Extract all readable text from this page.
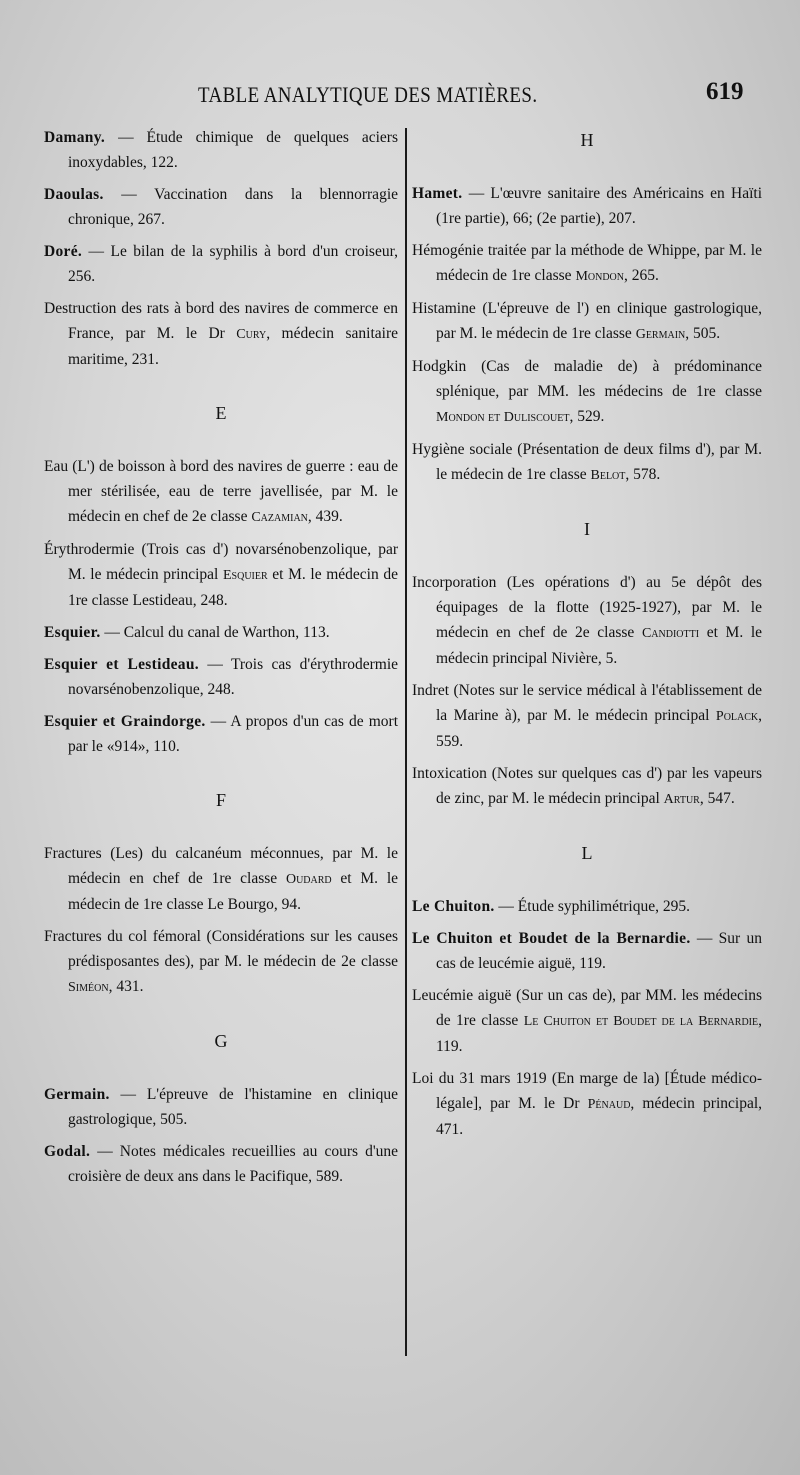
TABLE ANALYTIQUE DES MATIÈRES.	619

Damany. — Étude chimique de quelques aciers inoxydables, 122.

Daoulas. — Vaccination dans la blennorragie chronique, 267.

Doré. — Le bilan de la syphilis à bord d'un croiseur, 256.

Destruction des rats à bord des navires de commerce en France, par M. le Dr Cury, médecin sanitaire maritime, 231.

E

Eau (L') de boisson à bord des navires de guerre : eau de mer stérilisée, eau de terre javellisée, par M. le médecin en chef de 2e classe Cazamian, 439.

Érythrodermie (Trois cas d') novarsénobenzolique, par M. le médecin principal Esquier et M. le médecin de 1re classe Lestideau, 248.

Esquier. — Calcul du canal de Warthon, 113.

Esquier et Lestideau. — Trois cas d'érythrodermie novarsénobenzolique, 248.

Esquier et Graindorge. — A propos d'un cas de mort par le «914», 110.

F

Fractures (Les) du calcanéum méconnues, par M. le médecin en chef de 1re classe Oudard et M. le médecin de 1re classe Le Bourgo, 94.

Fractures du col fémoral (Considérations sur les causes prédisposantes des), par M. le médecin de 2e classe Siméon, 431.

G

Germain. — L'épreuve de l'histamine en clinique gastrologique, 505.

Godal. — Notes médicales recueillies au cours d'une croisière de deux ans dans le Pacifique, 589.

H

Hamet. — L'œuvre sanitaire des Américains en Haïti (1re partie), 66; (2e partie), 207.

Hémogénie traitée par la méthode de Whippe, par M. le médecin de 1re classe Mondon, 265.

Histamine (L'épreuve de l') en clinique gastrologique, par M. le médecin de 1re classe Germain, 505.

Hodgkin (Cas de maladie de) à prédominance splénique, par MM. les médecins de 1re classe Mondon et Duliscouet, 529.

Hygiène sociale (Présentation de deux films d'), par M. le médecin de 1re classe Belot, 578.

I

Incorporation (Les opérations d') au 5e dépôt des équipages de la flotte (1925-1927), par M. le médecin en chef de 2e classe Candiotti et M. le médecin principal Nivière, 5.

Indret (Notes sur le service médical à l'établissement de la Marine à), par M. le médecin principal Polack, 559.

Intoxication (Notes sur quelques cas d') par les vapeurs de zinc, par M. le médecin principal Artur, 547.

L

Le Chuiton. — Étude syphilimétrique, 295.

Le Chuiton et Boudet de la Bernardie. — Sur un cas de leucémie aiguë, 119.

Leucémie aiguë (Sur un cas de), par MM. les médecins de 1re classe Le Chuiton et Boudet de la Bernardie, 119.

Loi du 31 mars 1919 (En marge de la) [Étude médico-légale], par M. le Dr Pénaud, médecin principal, 471.
